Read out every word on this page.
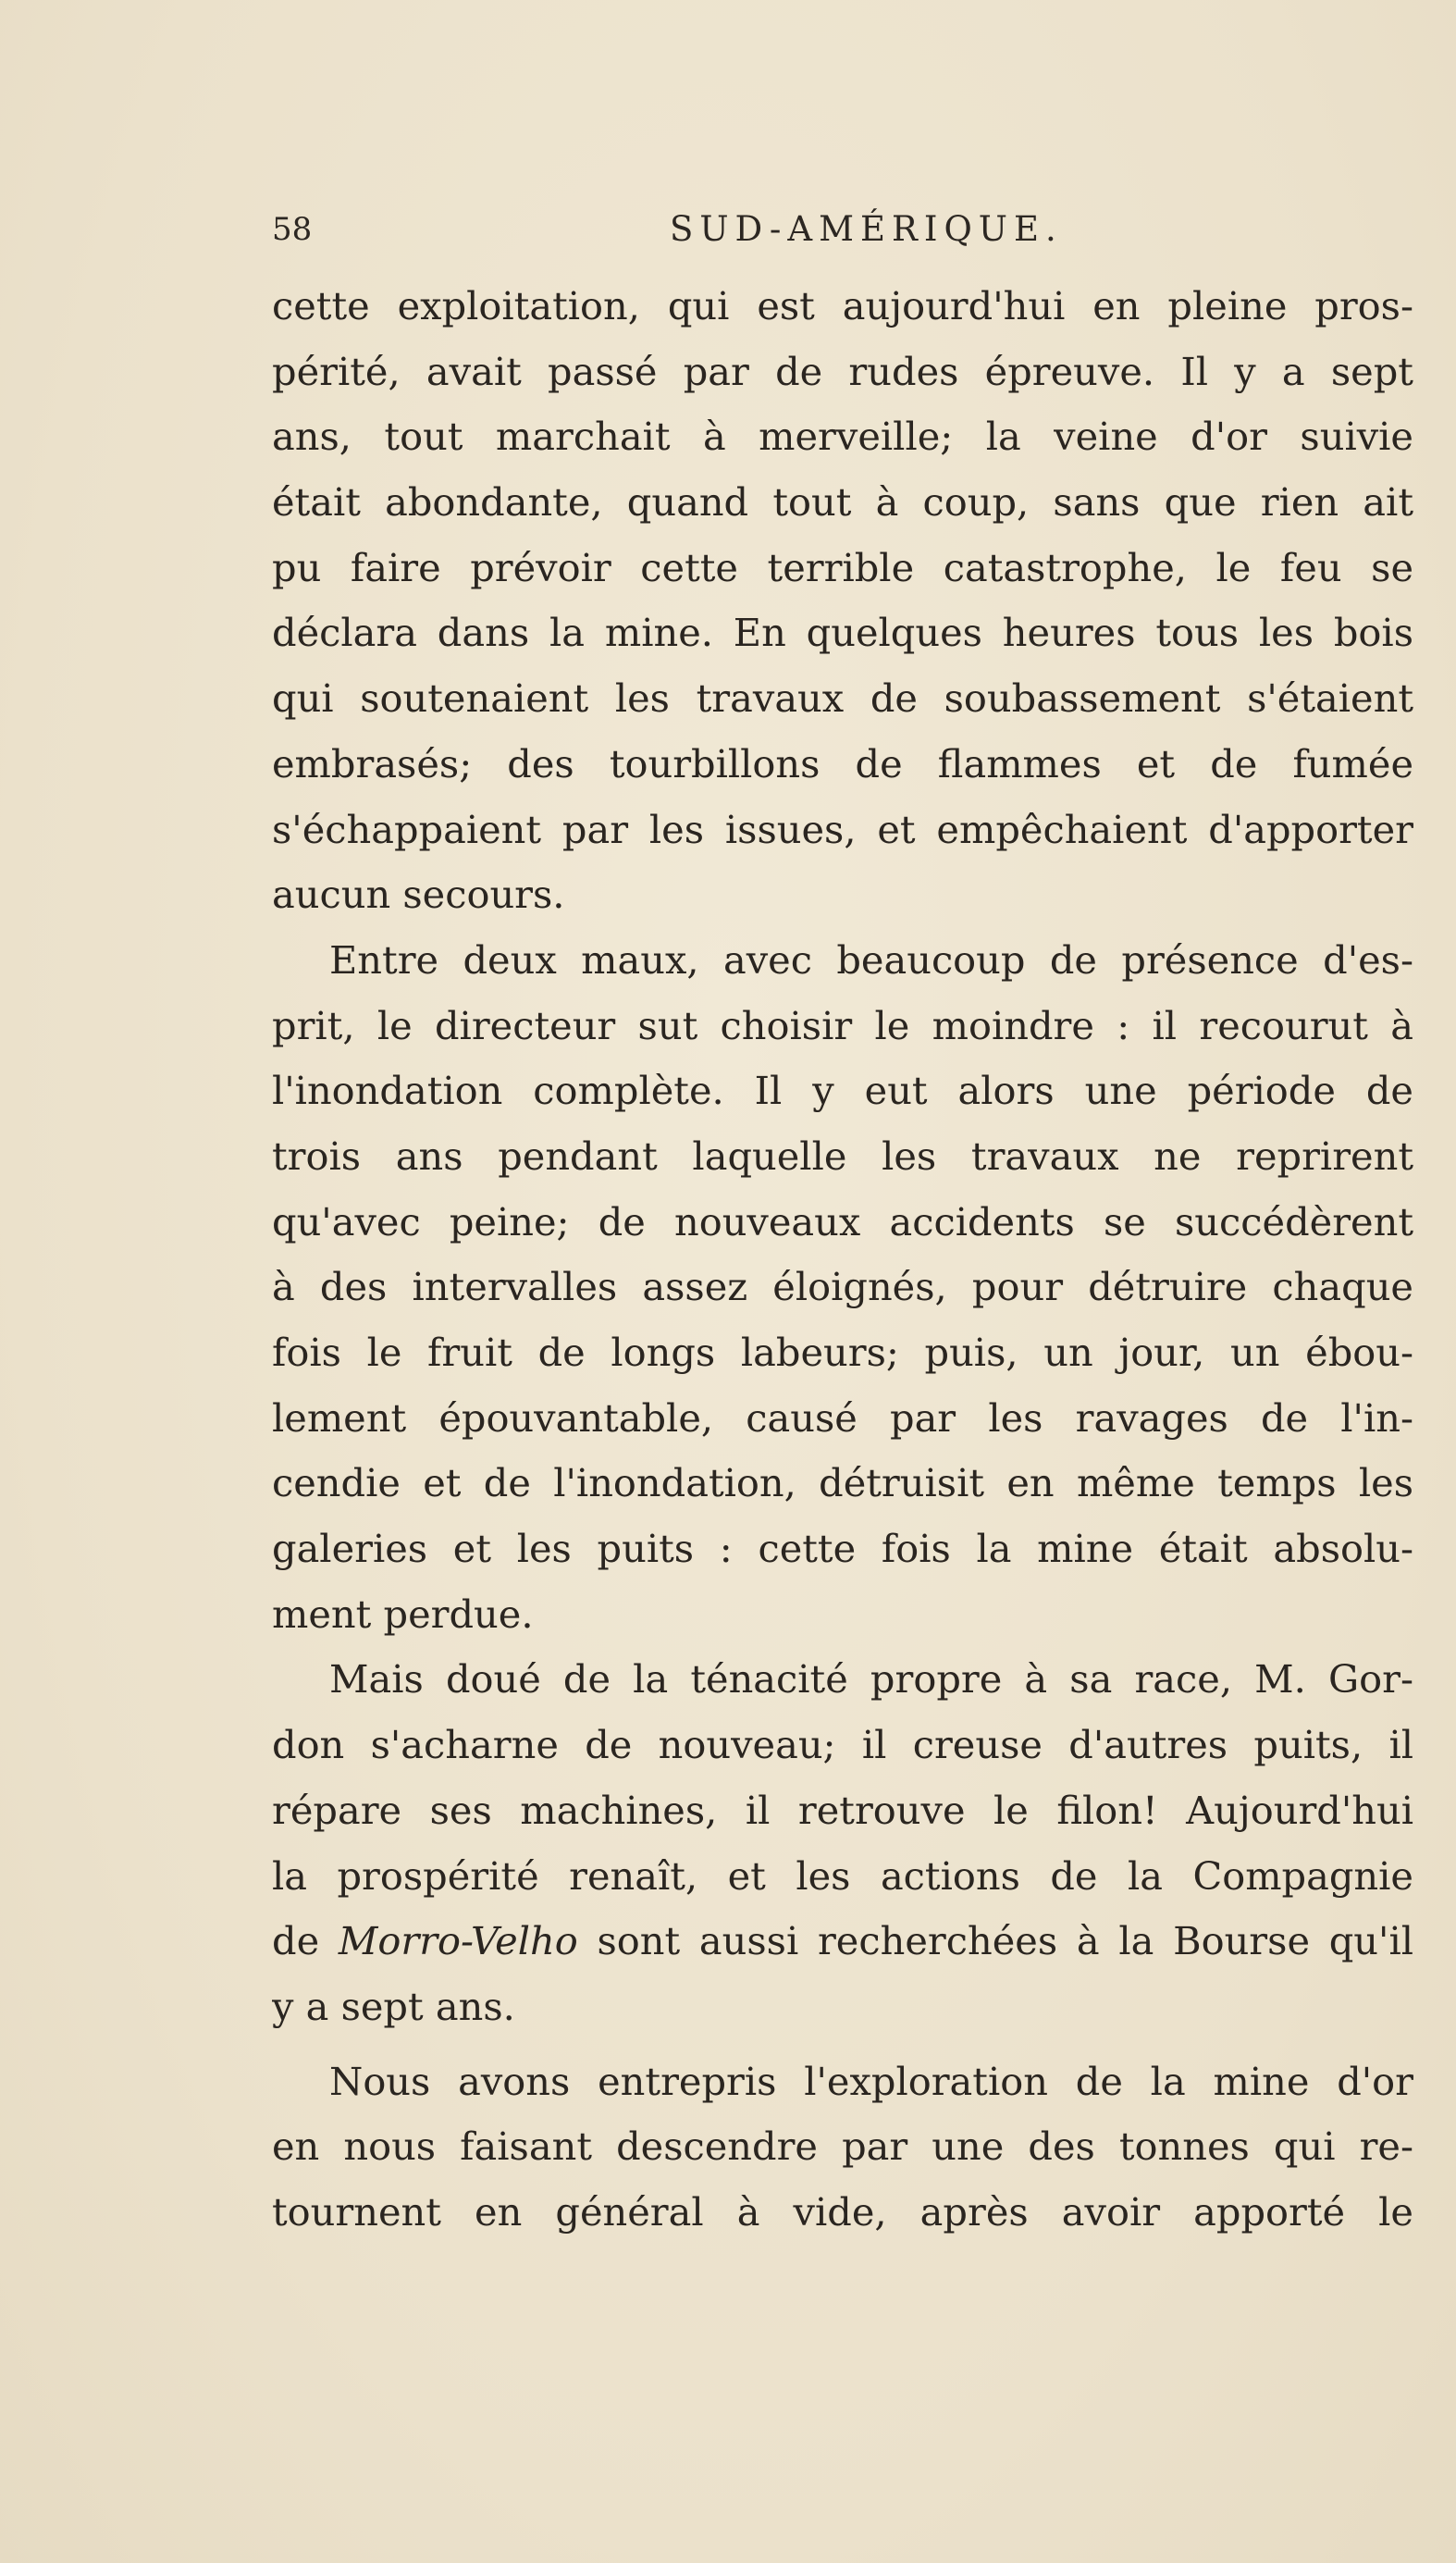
58	SUD-AMÉRIQUE.
cette exploitation, qui est aujourd'hui en pleine pros-
périté, avait passé par de rudes épreuve. Il y a sept
ans, tout marchait à merveille; la veine d'or suivie
était abondante, quand tout à coup, sans que rien ait
pu faire prévoir cette terrible catastrophe, le feu se
déclara dans la mine. En quelques heures tous les bois
qui soutenaient les travaux de soubassement s'étaient
embrasés; des tourbillons de flammes et de fumée
s'échappaient par les issues, et empêchaient d'apporter
aucun secours.
Entre deux maux, avec beaucoup de présence d'es-
prit, le directeur sut choisir le moindre : il recourut à
l'inondation complète. Il y eut alors une période de
trois ans pendant laquelle les travaux ne reprirent
qu'avec peine; de nouveaux accidents se succédèrent
à des intervalles assez éloignés, pour détruire chaque
fois le fruit de longs labeurs; puis, un jour, un ébou-
lement épouvantable, causé par les ravages de l'in-
cendie et de l'inondation, détruisit en même temps les
galeries et les puits : cette fois la mine était absolu-
ment perdue.
Mais doué de la ténacité propre à sa race, M. Gor-
don s'acharne de nouveau; il creuse d'autres puits, il
répare ses machines, il retrouve le filon! Aujourd'hui
la prospérité renaît, et les actions de la Compagnie
de Morro-Velho sont aussi recherchées à la Bourse qu'il
y a sept ans.
Nous avons entrepris l'exploration de la mine d'or
en nous faisant descendre par une des tonnes qui re-
tournent en général à vide, après avoir apporté le
